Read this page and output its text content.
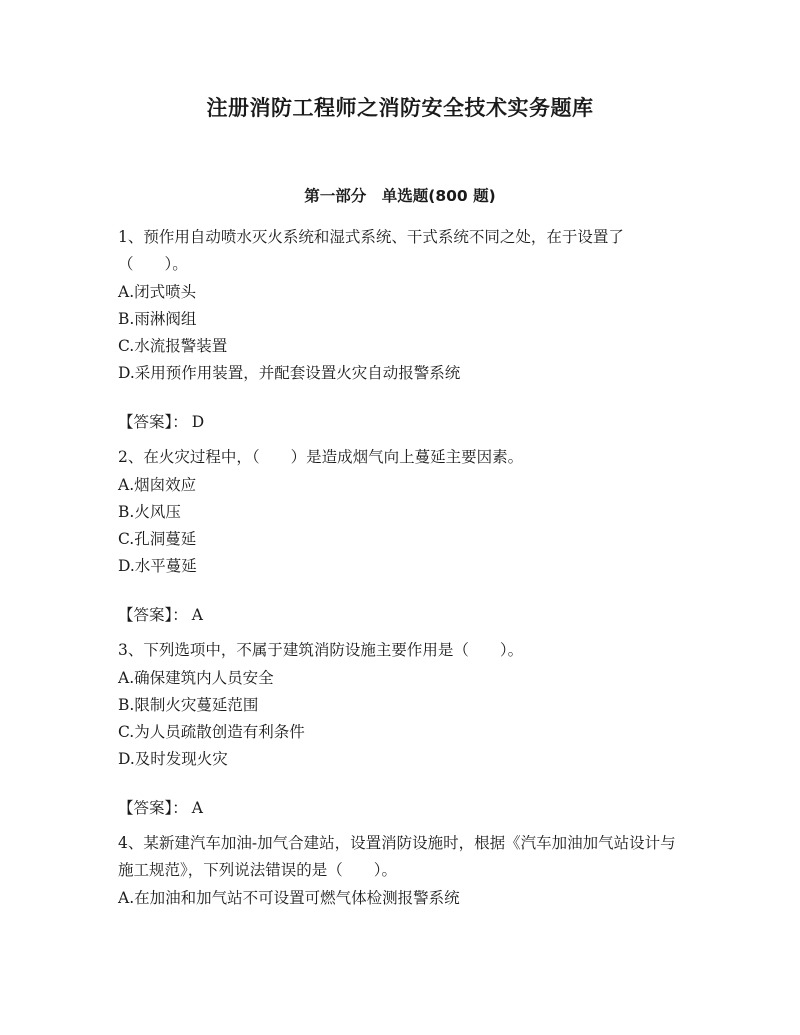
注册消防工程师之消防安全技术实务题库
第一部分　单选题(800 题)
1、预作用自动喷水灭火系统和湿式系统、干式系统不同之处，在于设置了（　　）。
A.闭式喷头
B.雨淋阀组
C.水流报警装置
D.采用预作用装置，并配套设置火灾自动报警系统
【答案】： D
2、在火灾过程中，（　　）是造成烟气向上蔓延主要因素。
A.烟囱效应
B.火风压
C.孔洞蔓延
D.水平蔓延
【答案】： A
3、下列选项中，不属于建筑消防设施主要作用是（　　）。
A.确保建筑内人员安全
B.限制火灾蔓延范围
C.为人员疏散创造有利条件
D.及时发现火灾
【答案】： A
4、某新建汽车加油-加气合建站，设置消防设施时，根据《汽车加油加气站设计与施工规范》，下列说法错误的是（　　）。
A.在加油和加气站不可设置可燃气体检测报警系统
